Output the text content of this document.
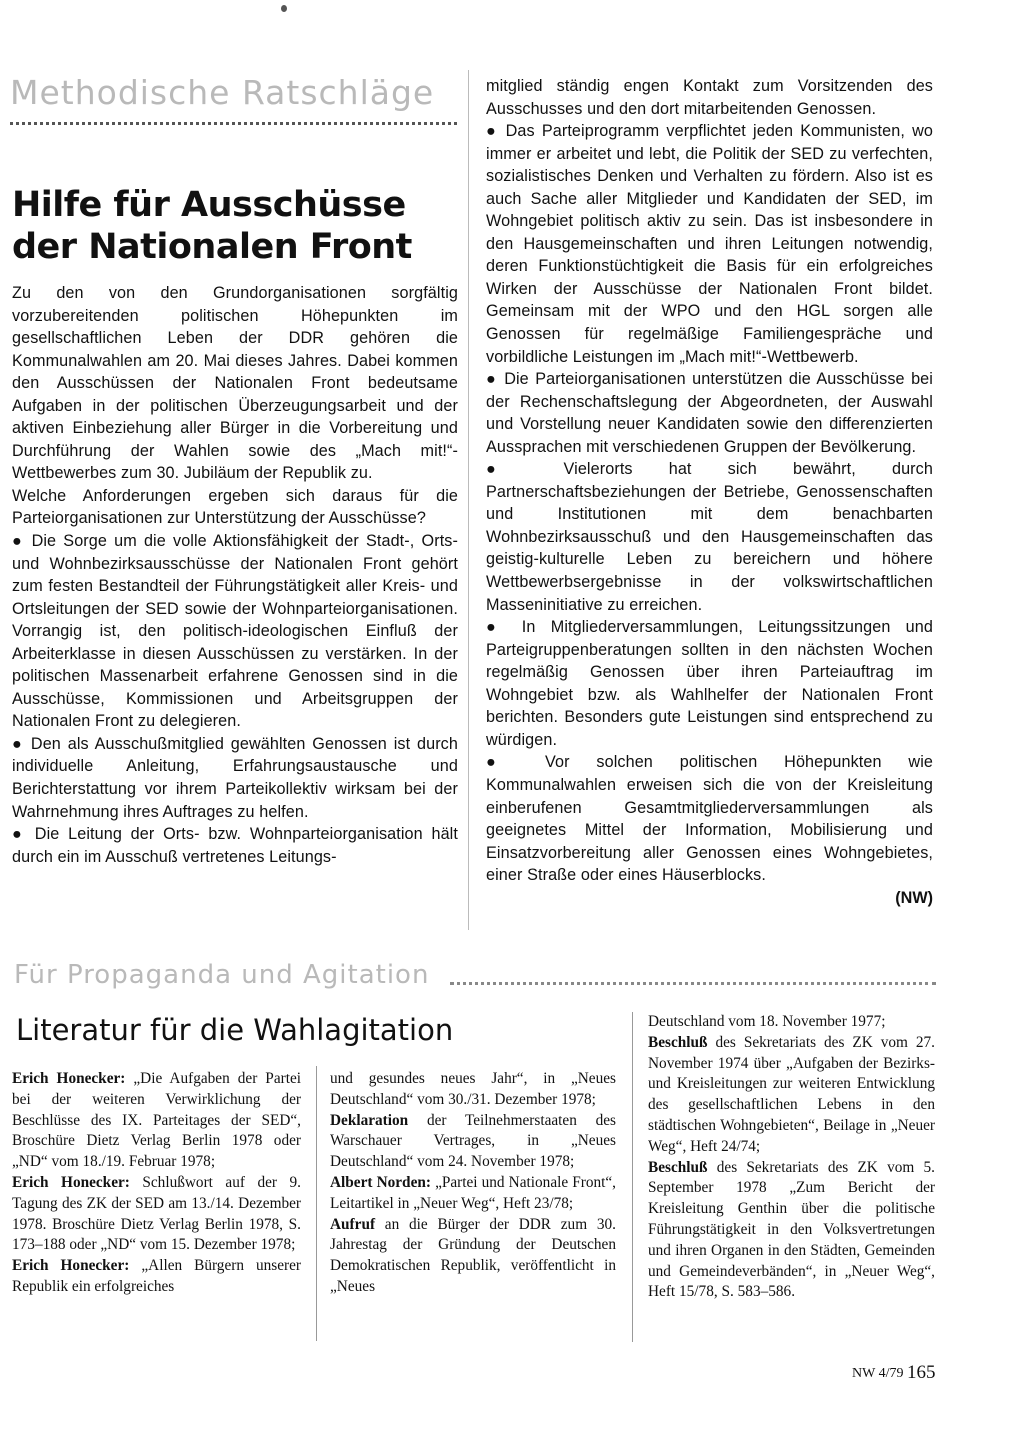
Methodische Ratschläge
Hilfe für Ausschüsse
der Nationalen Front

Zu den von den Grundorganisationen sorgfältig vorzubereitenden politischen Höhepunkten im gesellschaftlichen Leben der DDR gehören die Kommunalwahlen am 20. Mai dieses Jahres. Dabei kommen den Ausschüssen der Nationalen Front bedeutsame Aufgaben in der politischen Überzeugungsarbeit und der aktiven Einbeziehung aller Bürger in die Vorbereitung und Durchführung der Wahlen sowie des „Mach mit!“-Wettbewerbes zum 30. Jubiläum der Republik zu.

Welche Anforderungen ergeben sich daraus für die Parteiorganisationen zur Unterstützung der Ausschüsse?

● Die Sorge um die volle Aktionsfähigkeit der Stadt-, Orts- und Wohnbezirksausschüsse der Nationalen Front gehört zum festen Bestandteil der Führungstätigkeit aller Kreis- und Ortsleitungen der SED sowie der Wohnparteiorganisationen. Vorrangig ist, den politisch-ideologischen Einfluß der Arbeiterklasse in diesen Ausschüssen zu verstärken. In der politischen Massenarbeit erfahrene Genossen sind in die Ausschüsse, Kommissionen und Arbeitsgruppen der Nationalen Front zu delegieren.

● Den als Ausschußmitglied gewählten Genossen ist durch individuelle Anleitung, Erfahrungsaustausche und Berichterstattung vor ihrem Parteikollektiv wirksam bei der Wahrnehmung ihres Auftrages zu helfen.

● Die Leitung der Orts- bzw. Wohnparteiorganisation hält durch ein im Ausschuß vertretenes Leitungs-

mitglied ständig engen Kontakt zum Vorsitzenden des Ausschusses und den dort mitarbeitenden Genossen.

● Das Parteiprogramm verpflichtet jeden Kommunisten, wo immer er arbeitet und lebt, die Politik der SED zu verfechten, sozialistisches Denken und Verhalten zu fördern. Also ist es auch Sache aller Mitglieder und Kandidaten der SED, im Wohngebiet politisch aktiv zu sein. Das ist insbesondere in den Hausgemeinschaften und ihren Leitungen notwendig, deren Funktionstüchtigkeit die Basis für ein erfolgreiches Wirken der Ausschüsse der Nationalen Front bildet. Gemeinsam mit der WPO und den HGL sorgen alle Genossen für regelmäßige Familiengespräche und vorbildliche Leistungen im „Mach mit!“-Wettbewerb.

● Die Parteiorganisationen unterstützen die Ausschüsse bei der Rechenschaftslegung der Abgeordneten, der Auswahl und Vorstellung neuer Kandidaten sowie den differenzierten Aussprachen mit verschiedenen Gruppen der Bevölkerung.

● Vielerorts hat sich bewährt, durch Partnerschaftsbeziehungen der Betriebe, Genossenschaften und Institutionen mit dem benachbarten Wohnbezirksausschuß und den Hausgemeinschaften das geistig-kulturelle Leben zu bereichern und höhere Wettbewerbsergebnisse in der volkswirtschaftlichen Masseninitiative zu erreichen.

● In Mitgliederversammlungen, Leitungssitzungen und Parteigruppenberatungen sollten in den nächsten Wochen regelmäßig Genossen über ihren Parteiauftrag im Wohngebiet bzw. als Wahlhelfer der Nationalen Front berichten. Besonders gute Leistungen sind entsprechend zu würdigen.

● Vor solchen politischen Höhepunkten wie Kommunalwahlen erweisen sich die von der Kreisleitung einberufenen Gesamtmitgliederversammlungen als geeignetes Mittel der Information, Mobilisierung und Einsatzvorbereitung aller Genossen eines Wohngebietes, einer Straße oder eines Häuserblocks.

(NW)
Für Propaganda und Agitation
Literatur für die Wahlagitation

Erich Honecker: „Die Aufgaben der Partei bei der weiteren Verwirklichung der Beschlüsse des IX. Parteitages der SED“, Broschüre Dietz Verlag Berlin 1978 oder „ND“ vom 18./19. Februar 1978;

Erich Honecker: Schlußwort auf der 9. Tagung des ZK der SED am 13./14. Dezember 1978. Broschüre Dietz Verlag Berlin 1978, S. 173–188 oder „ND“ vom 15. Dezember 1978;

Erich Honecker: „Allen Bürgern unserer Republik ein erfolgreiches

und gesundes neues Jahr“, in „Neues Deutschland“ vom 30./31. Dezember 1978;

Deklaration der Teilnehmerstaaten des Warschauer Vertrages, in „Neues Deutschland“ vom 24. November 1978;

Albert Norden: „Partei und Nationale Front“, Leitartikel in „Neuer Weg“, Heft 23/78;

Aufruf an die Bürger der DDR zum 30. Jahrestag der Gründung der Deutschen Demokratischen Republik, veröffentlicht in „Neues

Deutschland vom 18. November 1977;

Beschluß des Sekretariats des ZK vom 27. November 1974 über „Aufgaben der Bezirks- und Kreisleitungen zur weiteren Entwicklung des gesellschaftlichen Lebens in den städtischen Wohngebieten“, Beilage in „Neuer Weg“, Heft 24/74;

Beschluß des Sekretariats des ZK vom 5. September 1978 „Zum Bericht der Kreisleitung Genthin über die politische Führungstätigkeit in den Volksvertretungen und ihren Organen in den Städten, Gemeinden und Gemeindeverbänden“, in „Neuer Weg“, Heft 15/78, S. 583–586.

NW 4/79 165
